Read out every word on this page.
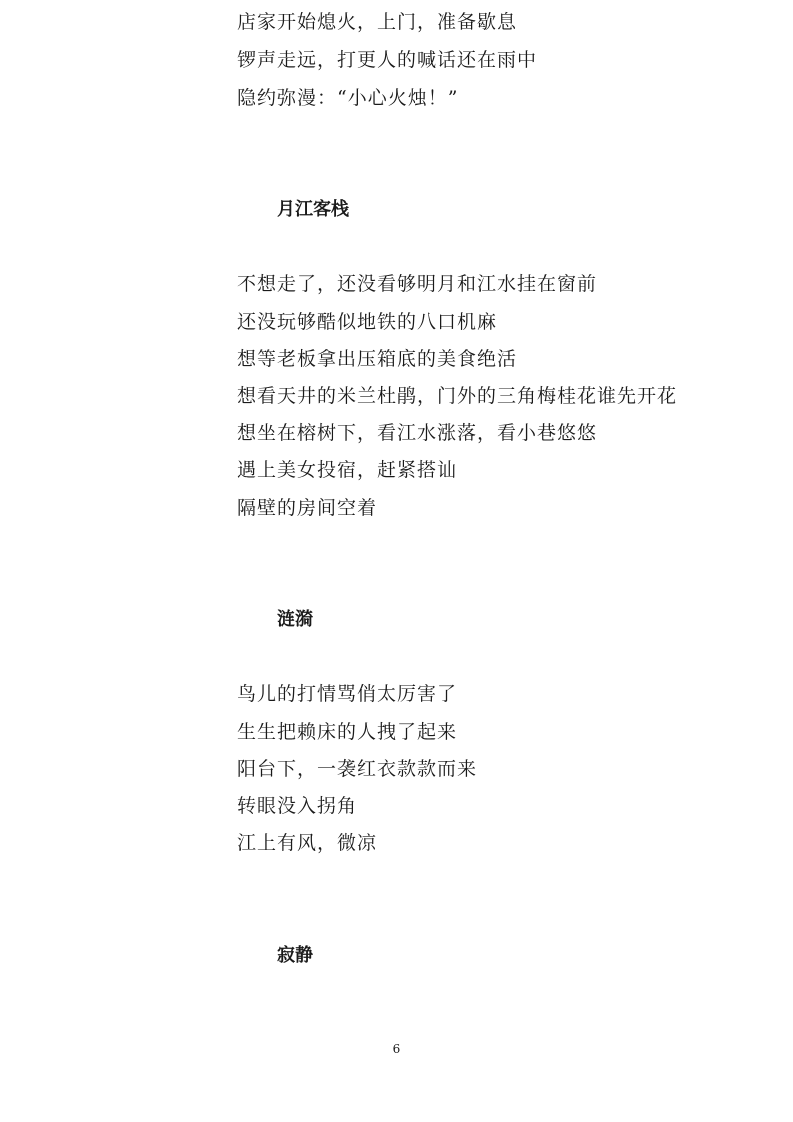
店家开始熄火，上门，准备歇息
锣声走远，打更人的喊话还在雨中
隐约弥漫：“小心火烛！”
月江客栈
不想走了，还没看够明月和江水挂在窗前
还没玩够酷似地铁的八口机麻
想等老板拿出压箱底的美食绝活
想看天井的米兰杜鹃，门外的三角梅桂花谁先开花
想坐在榕树下，看江水涨落，看小巷悠悠
遇上美女投宿，赶紧搭讪
隔壁的房间空着
涟漪
鸟儿的打情骂俏太厉害了
生生把赖床的人拽了起来
阳台下，一袭红衣款款而来
转眼没入拐角
江上有风，微凉
寂静
6
